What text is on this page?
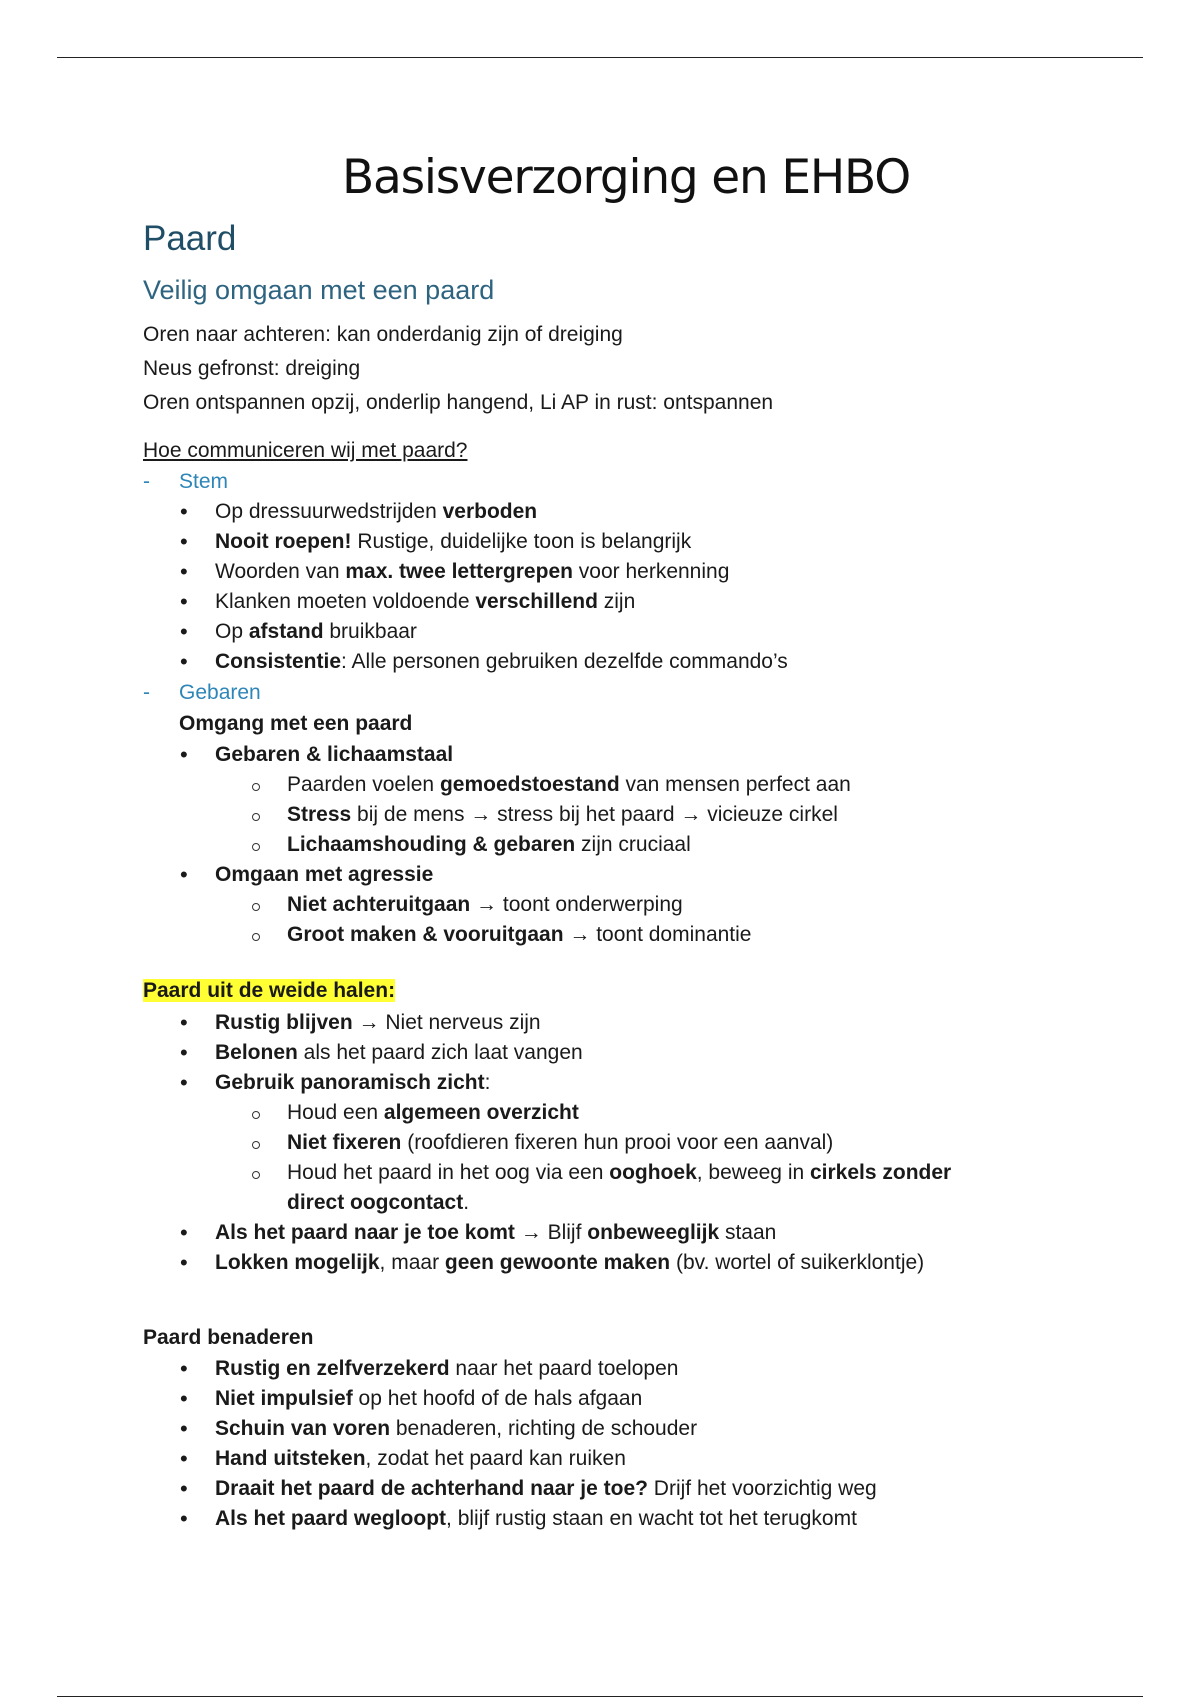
Basisverzorging en EHBO
Paard
Veilig omgaan met een paard

Oren naar achteren: kan onderdanig zijn of dreiging

Neus gefronst: dreiging

Oren ontspannen opzij, onderlip hangend, Li AP in rust: ontspannen

Hoe communiceren wij met paard?

- Stem
• Op dressuurwedstrijden verboden
• Nooit roepen! Rustige, duidelijke toon is belangrijk
• Woorden van max. twee lettergrepen voor herkenning
• Klanken moeten voldoende verschillend zijn
• Op afstand bruikbaar
• Consistentie: Alle personen gebruiken dezelfde commando’s
- Gebaren
Omgang met een paard
• Gebaren & lichaamstaal
Paarden voelen gemoedstoestand van mensen perfect aan
Stress bij de mens → stress bij het paard → vicieuze cirkel
Lichaamshouding & gebaren zijn cruciaal
• Omgaan met agressie
Niet achteruitgaan → toont onderwerping
Groot maken & vooruitgaan → toont dominantie
Paard uit de weide halen:
• Rustig blijven → Niet nerveus zijn
• Belonen als het paard zich laat vangen
• Gebruik panoramisch zicht:
Houd een algemeen overzicht
Niet fixeren (roofdieren fixeren hun prooi voor een aanval)
Houd het paard in het oog via een ooghoek, beweeg in cirkels zonder direct oogcontact.
• Als het paard naar je toe komt → Blijf onbeweeglijk staan
• Lokken mogelijk, maar geen gewoonte maken (bv. wortel of suikerklontje)
Paard benaderen
• Rustig en zelfverzekerd naar het paard toelopen
• Niet impulsief op het hoofd of de hals afgaan
• Schuin van voren benaderen, richting de schouder
• Hand uitsteken, zodat het paard kan ruiken
• Draait het paard de achterhand naar je toe? Drijf het voorzichtig weg
• Als het paard wegloopt, blijf rustig staan en wacht tot het terugkomt
